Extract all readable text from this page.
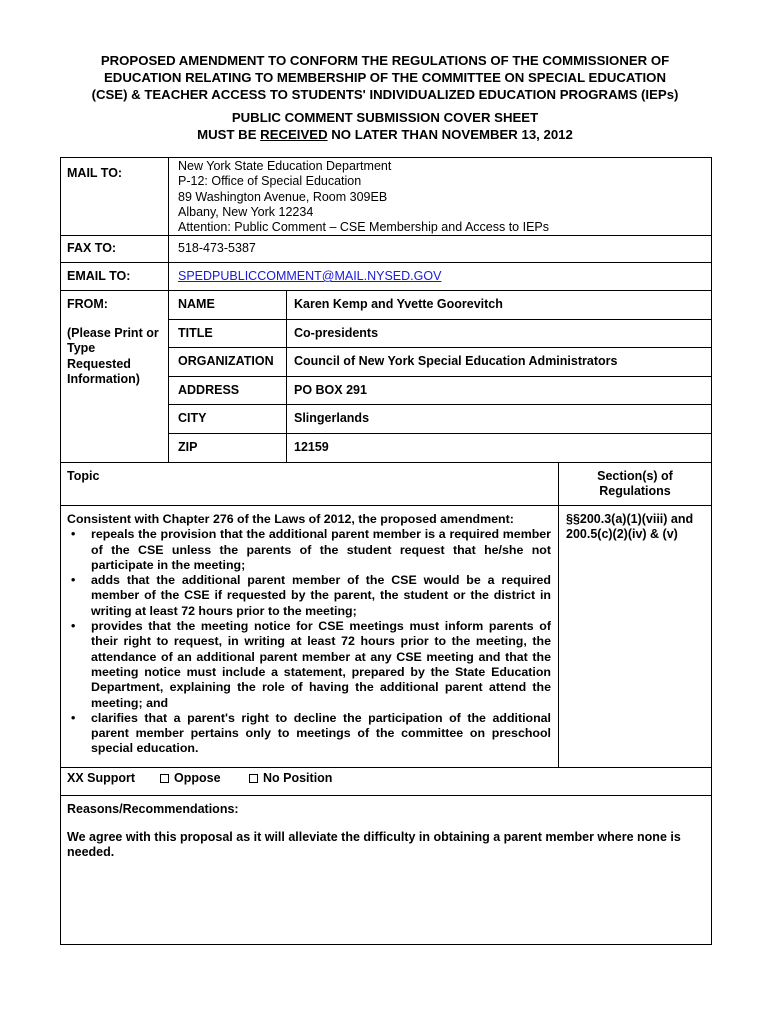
PROPOSED AMENDMENT TO CONFORM THE REGULATIONS OF THE COMMISSIONER OF
EDUCATION RELATING TO MEMBERSHIP OF THE COMMITTEE ON SPECIAL EDUCATION
(CSE) & TEACHER ACCESS TO STUDENTS' INDIVIDUALIZED EDUCATION PROGRAMS (IEPs)
PUBLIC COMMENT SUBMISSION COVER SHEET
MUST BE RECEIVED NO LATER THAN NOVEMBER 13, 2012
MAIL TO:	New York State Education Department
P-12: Office of Special Education
89 Washington Avenue, Room 309EB
Albany, New York 12234
Attention: Public Comment – CSE Membership and Access to IEPs
FAX TO:	518-473-5387
EMAIL TO:	SPEDPUBLICCOMMENT@MAIL.NYSED.GOV
FROM:
(Please Print or
Type
Requested
Information)
NAME	Karen Kemp and Yvette Goorevitch
TITLE	Co-presidents
ORGANIZATION Council of New York Special Education Administrators
ADDRESS	PO BOX 291
CITY	Slingerlands
ZIP	12159
Topic	Section(s) of
Regulations
Consistent with Chapter 276 of the Laws of 2012, the proposed amendment:
• repeals the provision that the additional parent member is a required member of the CSE unless the parents of the student request that he/she not participate in the meeting;
• adds that the additional parent member of the CSE would be a required member of the CSE if requested by the parent, the student or the district in writing at least 72 hours prior to the meeting;
• provides that the meeting notice for CSE meetings must inform parents of their right to request, in writing at least 72 hours prior to the meeting, the attendance of an additional parent member at any CSE meeting and that the meeting notice must include a statement, prepared by the State Education Department, explaining the role of having the additional parent attend the meeting; and
• clarifies that a parent's right to decline the participation of the additional parent member pertains only to meetings of the committee on preschool special education.
§§200.3(a)(1)(viii) and
200.5(c)(2)(iv) & (v)
XX Support	Oppose	No Position
Reasons/Recommendations:
We agree with this proposal as it will alleviate the difficulty in obtaining a parent member where none is needed.
